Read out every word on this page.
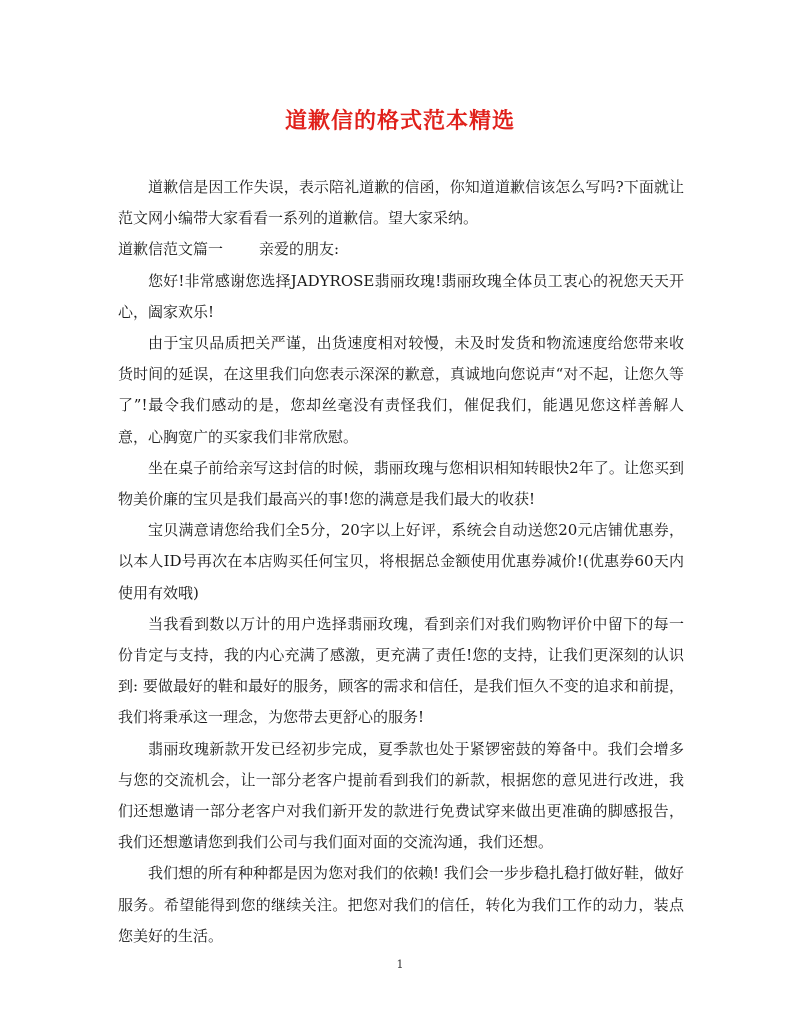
道歉信的格式范本精选

道歉信是因工作失误，表示陪礼道歉的信函，你知道道歉信该怎么写吗?下面就让范文网小编带大家看看一系列的道歉信。望大家采纳。

道歉信范文篇一 亲爱的朋友:

您好!非常感谢您选择JADYROSE翡丽玫瑰!翡丽玫瑰全体员工衷心的祝您天天开心，阖家欢乐!

由于宝贝品质把关严谨，出货速度相对较慢，未及时发货和物流速度给您带来收货时间的延误，在这里我们向您表示深深的歉意，真诚地向您说声“对不起，让您久等了”!最令我们感动的是，您却丝毫没有责怪我们，催促我们，能遇见您这样善解人意，心胸宽广的买家我们非常欣慰。

坐在桌子前给亲写这封信的时候，翡丽玫瑰与您相识相知转眼快2年了。让您买到物美价廉的宝贝是我们最高兴的事!您的满意是我们最大的收获!

宝贝满意请您给我们全5分，20字以上好评，系统会自动送您20元店铺优惠券，以本人ID号再次在本店购买任何宝贝，将根据总金额使用优惠券减价!(优惠券60天内使用有效哦)

当我看到数以万计的用户选择翡丽玫瑰，看到亲们对我们购物评价中留下的每一份肯定与支持，我的内心充满了感激，更充满了责任!您的支持，让我们更深刻的认识到: 要做最好的鞋和最好的服务，顾客的需求和信任，是我们恒久不变的追求和前提，我们将秉承这一理念，为您带去更舒心的服务!

翡丽玫瑰新款开发已经初步完成，夏季款也处于紧锣密鼓的筹备中。我们会增多与您的交流机会，让一部分老客户提前看到我们的新款，根据您的意见进行改进，我们还想邀请一部分老客户对我们新开发的款进行免费试穿来做出更准确的脚感报告，我们还想邀请您到我们公司与我们面对面的交流沟通，我们还想。

我们想的所有种种都是因为您对我们的依赖! 我们会一步步稳扎稳打做好鞋，做好服务。希望能得到您的继续关注。把您对我们的信任，转化为我们工作的动力，装点您美好的生活。

1
